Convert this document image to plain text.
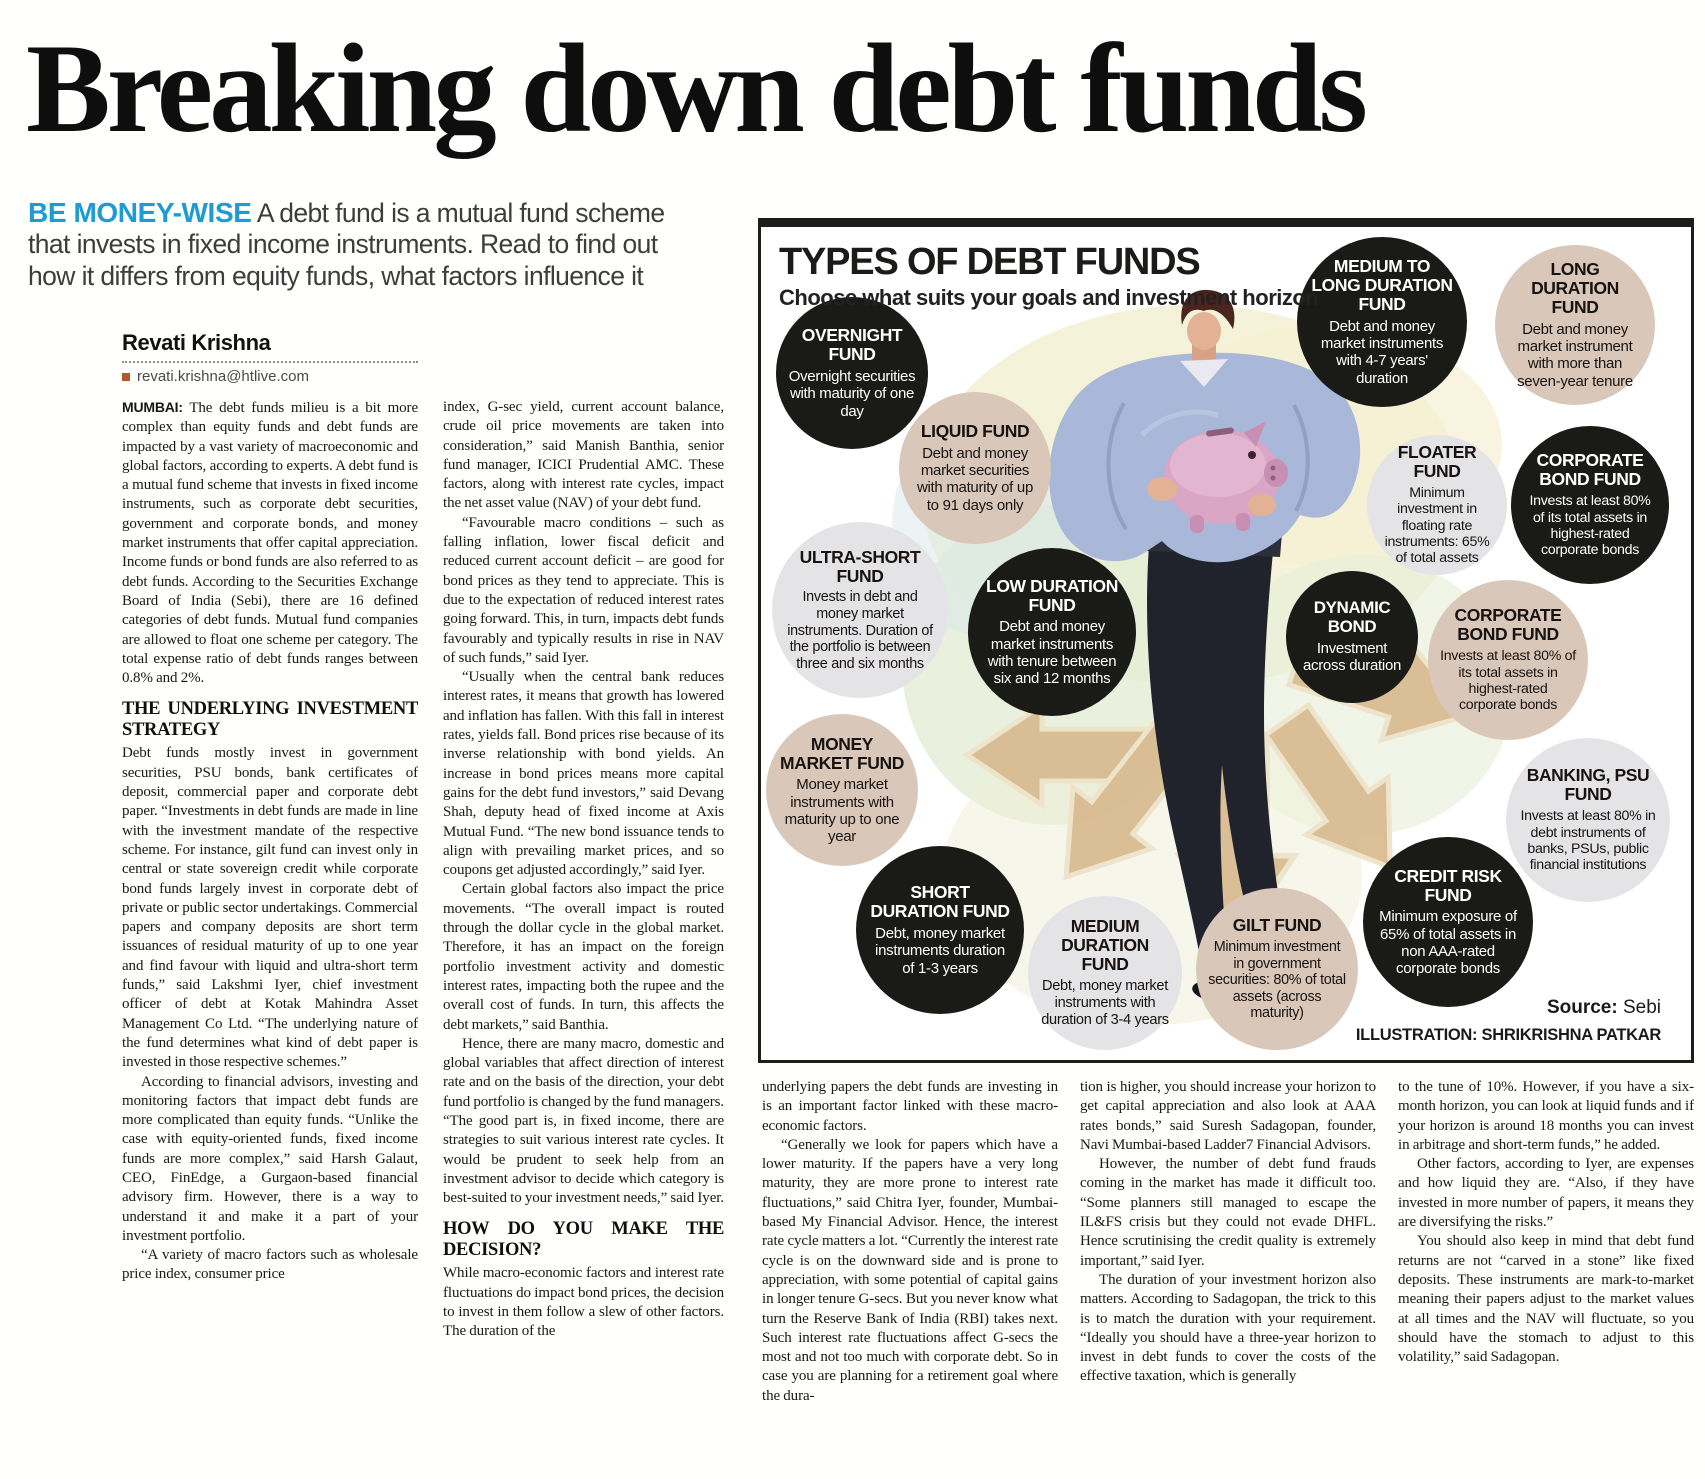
Breaking down debt funds

BE MONEY-WISE A debt fund is a mutual fund scheme that invests in fixed income instruments. Read to find out how it differs from equity funds, what factors influence it

Revati Krishna
revati.krishna@htlive.com

MUMBAI: The debt funds milieu is a bit more complex than equity funds and debt funds are impacted by a vast variety of macroeconomic and global factors, according to experts. A debt fund is a mutual fund scheme that invests in fixed income instruments, such as corporate debt securities, government and corporate bonds, and money market instruments that offer capital appreciation. Income funds or bond funds are also referred to as debt funds. According to the Securities Exchange Board of India (Sebi), there are 16 defined categories of debt funds. Mutual fund companies are allowed to float one scheme per category. The total expense ratio of debt funds ranges between 0.8% and 2%.

THE UNDERLYING INVESTMENT STRATEGY

Debt funds mostly invest in government securities, PSU bonds, bank certificates of deposit, commercial paper and corporate debt paper. “Investments in debt funds are made in line with the investment mandate of the respective scheme. For instance, gilt fund can invest only in central or state sovereign credit while corporate bond funds largely invest in corporate debt of private or public sector undertakings. Commercial papers and company deposits are short term issuances of residual maturity of up to one year and find favour with liquid and ultra-short term funds,” said Lakshmi Iyer, chief investment officer of debt at Kotak Mahindra Asset Management Co Ltd. “The underlying nature of the fund determines what kind of debt paper is invested in those respective schemes.”

According to financial advisors, investing and monitoring factors that impact debt funds are more complicated than equity funds. “Unlike the case with equity-oriented funds, fixed income funds are more complex,” said Harsh Galaut, CEO, FinEdge, a Gurgaon-based financial advisory firm. However, there is a way to understand it and make it a part of your investment portfolio.

“A variety of macro factors such as wholesale price index, consumer price

index, G-sec yield, current account balance, crude oil price movements are taken into consideration,” said Manish Banthia, senior fund manager, ICICI Prudential AMC. These factors, along with interest rate cycles, impact the net asset value (NAV) of your debt fund.

“Favourable macro conditions – such as falling inflation, lower fiscal deficit and reduced current account deficit – are good for bond prices as they tend to appreciate. This is due to the expectation of reduced interest rates going forward. This, in turn, impacts debt funds favourably and typically results in rise in NAV of such funds,” said Iyer.

“Usually when the central bank reduces interest rates, it means that growth has lowered and inflation has fallen. With this fall in interest rates, yields fall. Bond prices rise because of its inverse relationship with bond yields. An increase in bond prices means more capital gains for the debt fund investors,” said Devang Shah, deputy head of fixed income at Axis Mutual Fund. “The new bond issuance tends to align with prevailing market prices, and so coupons get adjusted accordingly,” said Iyer.

Certain global factors also impact the price movements. “The overall impact is routed through the dollar cycle in the global market. Therefore, it has an impact on the foreign portfolio investment activity and domestic interest rates, impacting both the rupee and the overall cost of funds. In turn, this affects the debt markets,” said Banthia.

Hence, there are many macro, domestic and global variables that affect direction of interest rate and on the basis of the direction, your debt fund portfolio is changed by the fund managers. “The good part is, in fixed income, there are strategies to suit various interest rate cycles. It would be prudent to seek help from an investment advisor to decide which category is best-suited to your investment needs,” said Iyer.

HOW DO YOU MAKE THE DECISION?

While macro-economic factors and interest rate fluctuations do impact bond prices, the decision to invest in them follow a slew of other factors. The duration of the

TYPES OF DEBT FUNDS
Choose what suits your goals and investment horizon
OVERNIGHT FUND
Overnight securities with maturity of one day
LIQUID FUND
Debt and money market securities with maturity of up to 91 days only
ULTRA-SHORT FUND
Invests in debt and money market instruments. Duration of the portfolio is between three and six months
LOW DURATION FUND
Debt and money market instruments with tenure between six and 12 months
MONEY MARKET FUND
Money market instruments with maturity up to one year
SHORT DURATION FUND
Debt, money market instruments duration of 1-3 years
MEDIUM DURATION FUND
Debt, money market instruments with duration of 3-4 years
GILT FUND
Minimum investment in government securities: 80% of total assets (across maturity)
MEDIUM TO LONG DURATION FUND
Debt and money market instruments with 4-7 years' duration
LONG DURATION FUND
Debt and money market instrument with more than seven-year tenure
FLOATER FUND
Minimum investment in floating rate instruments: 65% of total assets
CORPORATE BOND FUND
Invests at least 80% of its total assets in highest-rated corporate bonds
DYNAMIC BOND
Investment across duration
CORPORATE BOND FUND
Invests at least 80% of its total assets in highest-rated corporate bonds
BANKING, PSU FUND
Invests at least 80% in debt instruments of banks, PSUs, public financial institutions
CREDIT RISK FUND
Minimum exposure of 65% of total assets in non AAA-rated corporate bonds
Source: Sebi
ILLUSTRATION: SHRIKRISHNA PATKAR

underlying papers the debt funds are investing in is an important factor linked with these macro-economic factors.

“Generally we look for papers which have a lower maturity. If the papers have a very long maturity, they are more prone to interest rate fluctuations,” said Chitra Iyer, founder, Mumbai-based My Financial Advisor. Hence, the interest rate cycle matters a lot. “Currently the interest rate cycle is on the downward side and is prone to appreciation, with some potential of capital gains in longer tenure G-secs. But you never know what turn the Reserve Bank of India (RBI) takes next. Such interest rate fluctuations affect G-secs the most and not too much with corporate debt. So in case you are planning for a retirement goal where the dura-

tion is higher, you should increase your horizon to get capital appreciation and also look at AAA rates bonds,” said Suresh Sadagopan, founder, Navi Mumbai-based Ladder7 Financial Advisors.

However, the number of debt fund frauds coming in the market has made it difficult too. “Some planners still managed to escape the IL&FS crisis but they could not evade DHFL. Hence scrutinising the credit quality is extremely important,” said Iyer.

The duration of your investment horizon also matters. According to Sadagopan, the trick to this is to match the duration with your requirement. “Ideally you should have a three-year horizon to invest in debt funds to cover the costs of the effective taxation, which is generally

to the tune of 10%. However, if you have a six-month horizon, you can look at liquid funds and if your horizon is around 18 months you can invest in arbitrage and short-term funds,” he added.

Other factors, according to Iyer, are expenses and how liquid they are. “Also, if they have invested in more number of papers, it means they are diversifying the risks.”

You should also keep in mind that debt fund returns are not “carved in a stone” like fixed deposits. These instruments are mark-to-market meaning their papers adjust to the market values at all times and the NAV will fluctuate, so you should have the stomach to adjust to this volatility,” said Sadagopan.
